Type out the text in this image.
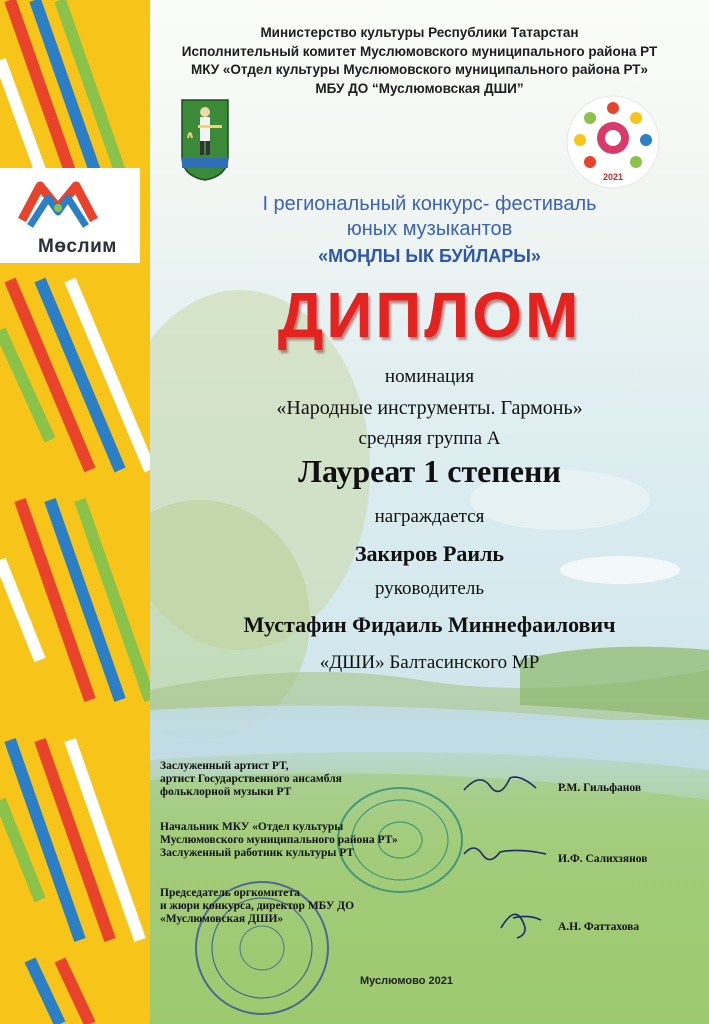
Мөслим
Министерство культуры Республики Татарстан
Исполнительный комитет Муслюмовского муниципального района РТ
МКУ «Отдел культуры Муслюмовского муниципального района РТ»
МБУ ДО “Муслюмовская ДШИ”
2021
I региональный конкурс- фестиваль
юных музыкантов
«МОҢЛЫ ЫК БУЙЛАРЫ»
ДИПЛОМ
номинация
«Народные инструменты. Гармонь»
средняя группа А
Лауреат 1 степени
награждается
Закиров Раиль
руководитель
Мустафин Фидаиль Миннефаилович
«ДШИ» Балтасинского МР
Заслуженный артист РТ,
артист Государственного ансамбля
фольклорной музыки РТ	Р.М. Гильфанов
Начальник МКУ «Отдел культуры
Муслюмовского муниципального района РТ»
Заслуженный работник культуры РТ	И.Ф. Салихзянов
Председатель оргкомитета
и жюри конкурса, директор МБУ ДО
«Муслюмовская ДШИ»
А.Н. Фаттахова
Муслюмово 2021
